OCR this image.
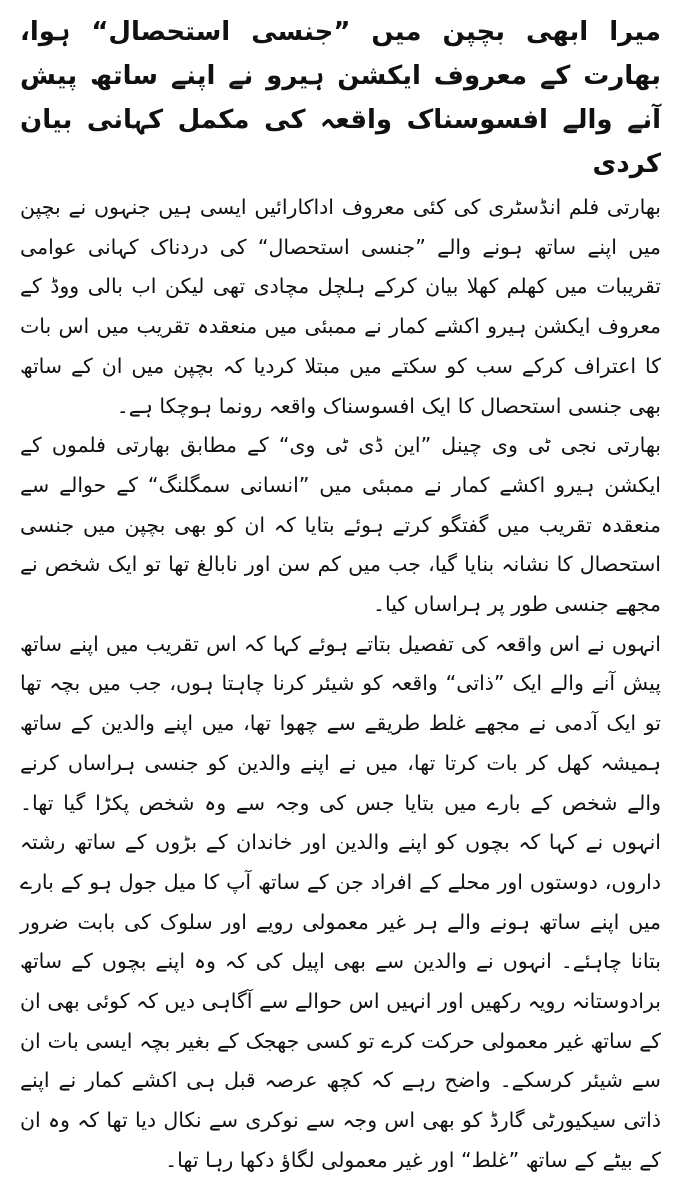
میرا ابھی بچپن میں ”جنسی استحصال“ ہوا، بھارت کے معروف ایکشن ہیرو نے اپنے ساتھ پیش آنے والے افسوسناک واقعہ کی مکمل کہانی بیان کردی

بھارتی فلم انڈسٹری کی کئی معروف اداکارائیں ایسی ہیں جنہوں نے بچپن میں اپنے ساتھ ہونے والے ”جنسی استحصال“ کی دردناک کہانی عوامی تقریبات میں کھلم کھلا بیان کرکے ہلچل مچادی تھی لیکن اب بالی ووڈ کے معروف ایکشن ہیرو اکشے کمار نے ممبئی میں منعقدہ تقریب میں اس بات کا اعتراف کرکے سب کو سکتے میں مبتلا کردیا کہ بچپن میں ان کے ساتھ بھی جنسی استحصال کا ایک افسوسناک واقعہ رونما ہوچکا ہے۔

بھارتی نجی ٹی وی چینل ”این ڈی ٹی وی“ کے مطابق بھارتی فلموں کے ایکشن ہیرو اکشے کمار نے ممبئی میں ”انسانی سمگلنگ“ کے حوالے سے منعقدہ تقریب میں گفتگو کرتے ہوئے بتایا کہ ان کو بھی بچپن میں جنسی استحصال کا نشانہ بنایا گیا، جب میں کم سن اور نابالغ تھا تو ایک شخص نے مجھے جنسی طور پر ہراساں کیا۔

انہوں نے اس واقعہ کی تفصیل بتاتے ہوئے کہا کہ اس تقریب میں اپنے ساتھ پیش آنے والے ایک ”ذاتی“ واقعہ کو شیئر کرنا چاہتا ہوں، جب میں بچہ تھا تو ایک آدمی نے مجھے غلط طریقے سے چھوا تھا، میں اپنے والدین کے ساتھ ہمیشہ کھل کر بات کرتا تھا، میں نے اپنے والدین کو جنسی ہراساں کرنے والے شخص کے بارے میں بتایا جس کی وجہ سے وہ شخص پکڑا گیا تھا۔ انہوں نے کہا کہ بچوں کو اپنے والدین اور خاندان کے بڑوں کے ساتھ رشتہ داروں، دوستوں اور محلے کے افراد جن کے ساتھ آپ کا میل جول ہو کے بارے میں اپنے ساتھ ہونے والے ہر غیر معمولی رویے اور سلوک کی بابت ضرور بتانا چاہئے۔ انہوں نے والدین سے بھی اپیل کی کہ وہ اپنے بچوں کے ساتھ برادوستانہ رویہ رکھیں اور انہیں اس حوالے سے آگاہی دیں کہ کوئی بھی ان کے ساتھ غیر معمولی حرکت کرے تو کسی جھجک کے بغیر بچہ ایسی بات ان سے شیئر کرسکے۔ واضح رہے کہ کچھ عرصہ قبل ہی اکشے کمار نے اپنے ذاتی سیکیورٹی گارڈ کو بھی اس وجہ سے نوکری سے نکال دیا تھا کہ وہ ان کے بیٹے کے ساتھ ”غلط“ اور غیر معمولی لگاؤ دکھا رہا تھا۔
